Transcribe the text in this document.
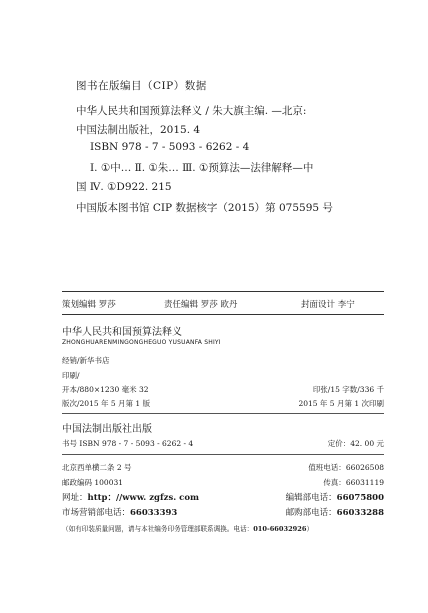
图书在版编目（CIP）数据
中华人民共和国预算法释义 / 朱大旗主编. —北京:
中国法制出版社，2015. 4
ISBN 978 - 7 - 5093 - 6262 - 4
Ⅰ. ①中… Ⅱ. ①朱… Ⅲ. ①预算法—法律解释—中
国 Ⅳ. ①D922. 215
中国版本图书馆 CIP 数据核字（2015）第 075595 号
策划编辑 罗莎	责任编辑 罗莎 欧丹	封面设计 李宁
中华人民共和国预算法释义
ZHONGHUARENMINGONGHEGUO YUSUANFA SHIYI
经销/新华书店
印刷/
开本/880×1230 毫米 32	印张/15 字数/336 千
版次/2015 年 5 月第 1 版	2015 年 5 月第 1 次印刷
中国法制出版社出版
书号 ISBN 978 - 7 - 5093 - 6262 - 4	定价：42. 00 元
北京西单横二条 2 号	值班电话：66026508
邮政编码 100031	传真：66031119
网址：http：//www. zgfzs. com	编辑部电话：66075800
市场营销部电话：66033393	邮购部电话：66033288
（如有印装质量问题，请与本社编务印务管理部联系调换。电话：010-66032926）
